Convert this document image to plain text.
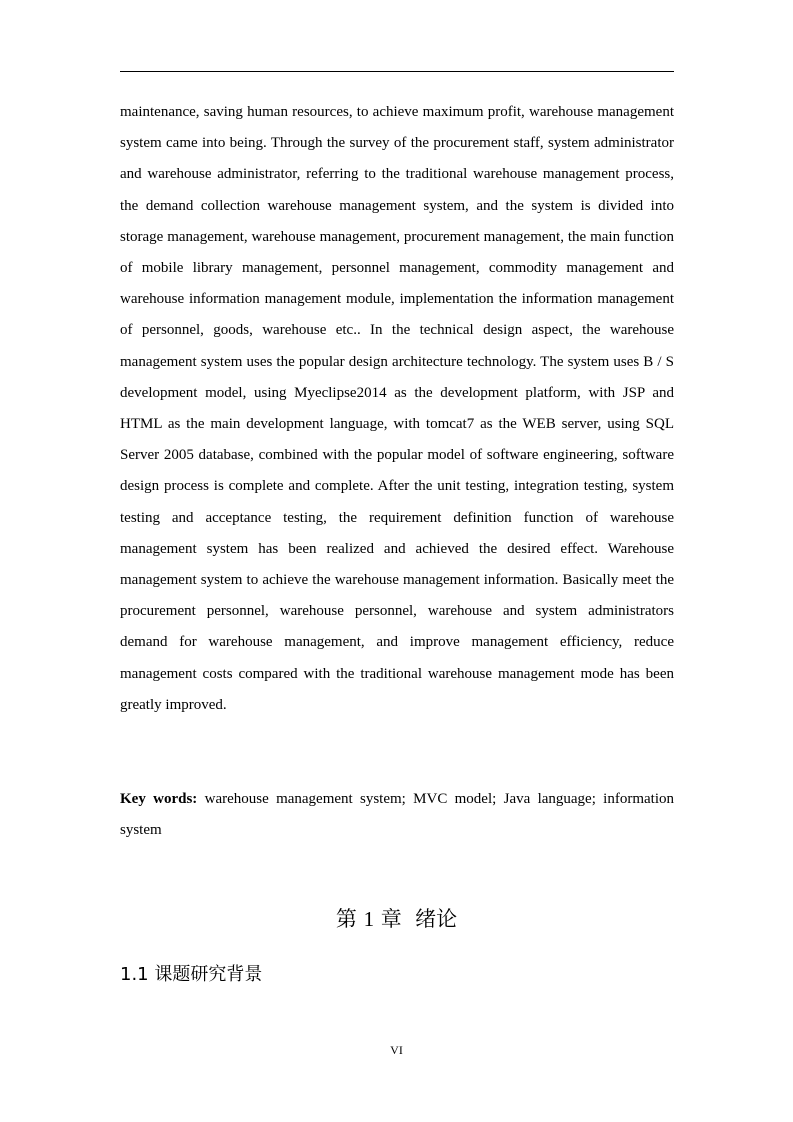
maintenance, saving human resources, to achieve maximum profit, warehouse management system came into being. Through the survey of the procurement staff, system administrator and warehouse administrator, referring to the traditional warehouse management process, the demand collection warehouse management system, and the system is divided into storage management, warehouse management, procurement management, the main function of mobile library management, personnel management, commodity management and warehouse information management module, implementation the information management of personnel, goods, warehouse etc.. In the technical design aspect, the warehouse management system uses the popular design architecture technology. The system uses B / S development model, using Myeclipse2014 as the development platform, with JSP and HTML as the main development language, with tomcat7 as the WEB server, using SQL Server 2005 database, combined with the popular model of software engineering, software design process is complete and complete. After the unit testing, integration testing, system testing and acceptance testing, the requirement definition function of warehouse management system has been realized and achieved the desired effect. Warehouse management system to achieve the warehouse management information. Basically meet the procurement personnel, warehouse personnel, warehouse and system administrators demand for warehouse management, and improve management efficiency, reduce management costs compared with the traditional warehouse management mode has been greatly improved.

Key words: warehouse management system; MVC model; Java language; information system

第 1 章 绪论
1.1 课题研究背景
VI
